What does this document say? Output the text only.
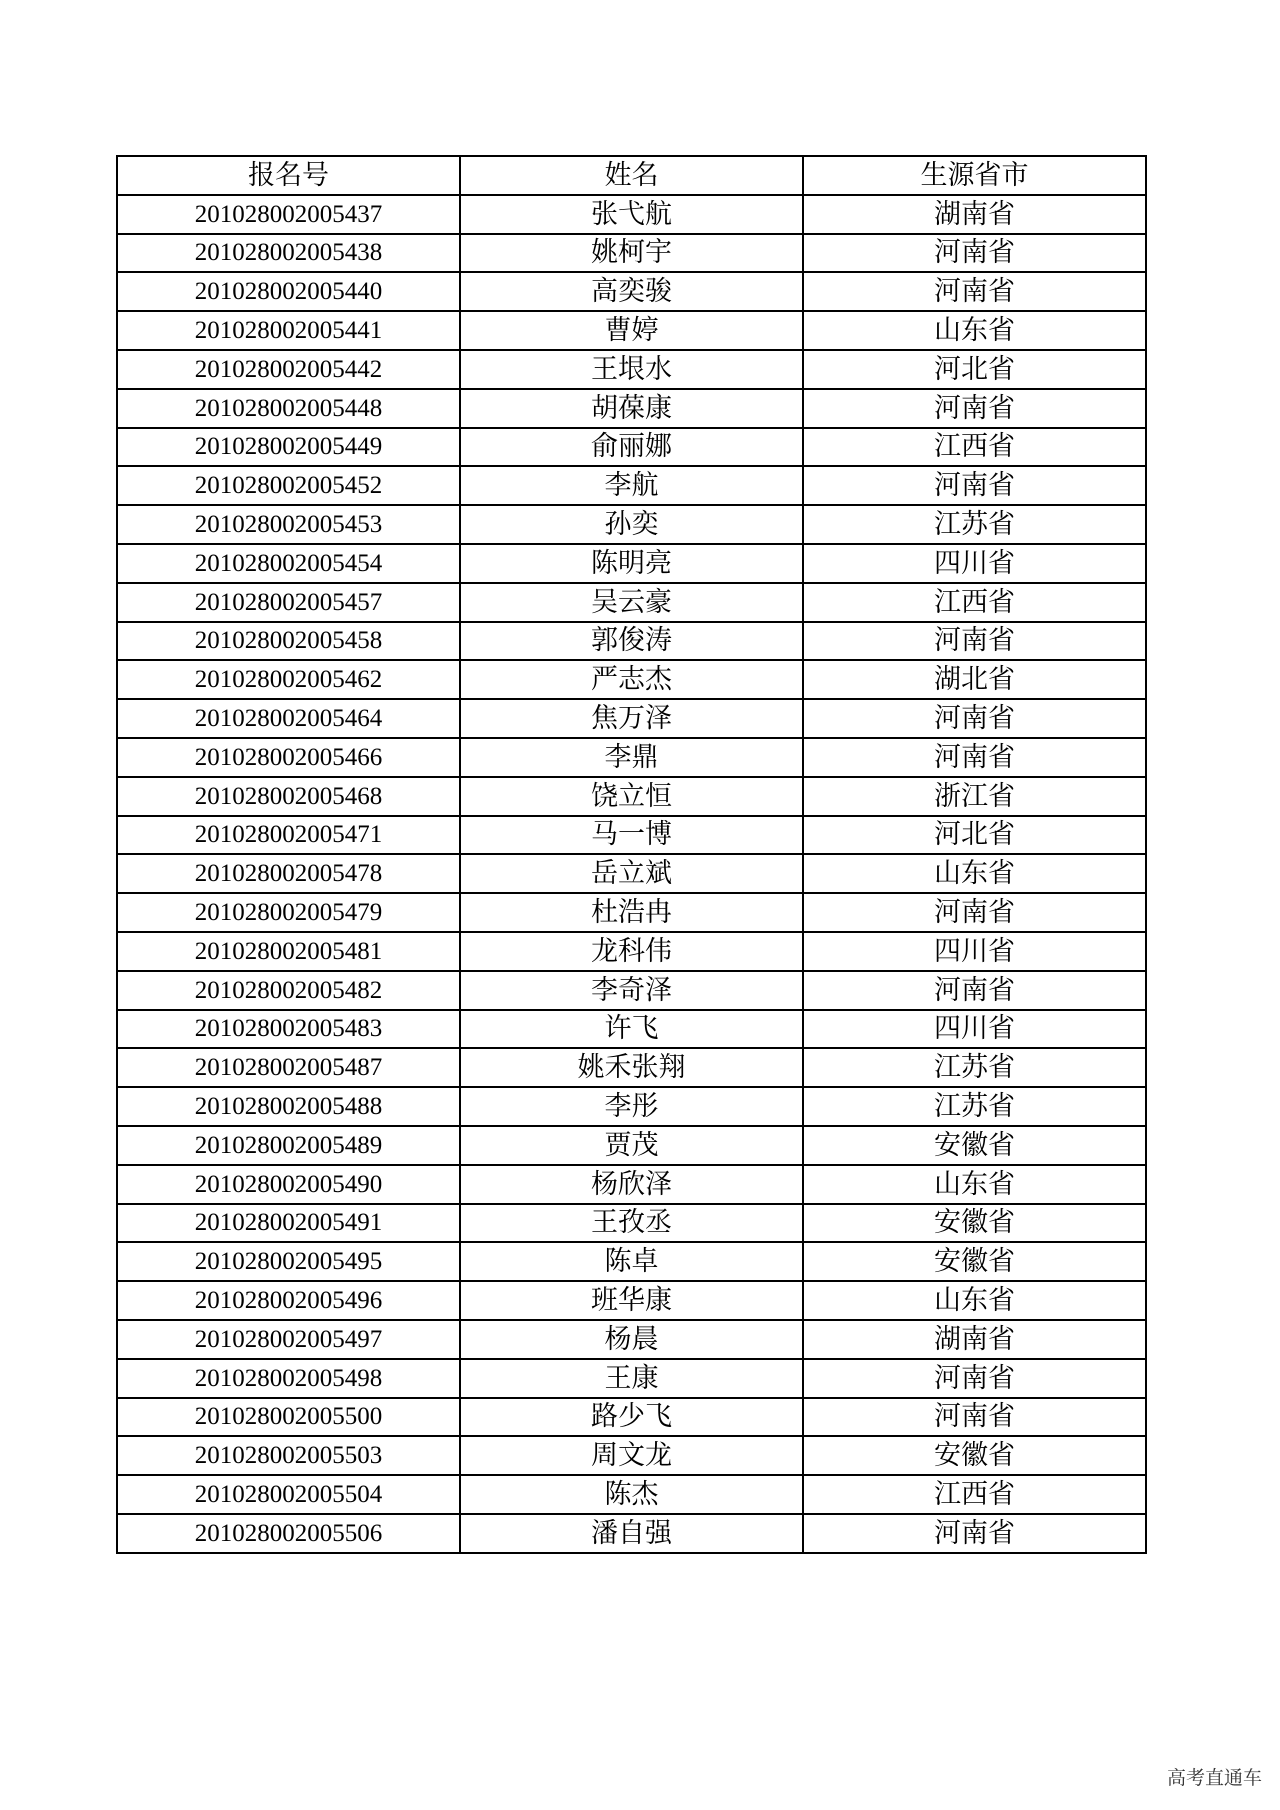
报名号	姓名	生源省市
201028002005437	张弋航	湖南省
201028002005438	姚柯宇	河南省
201028002005440	高奕骏	河南省
201028002005441	曹婷	山东省
201028002005442	王垠水	河北省
201028002005448	胡葆康	河南省
201028002005449	俞丽娜	江西省
201028002005452	李航	河南省
201028002005453	孙奕	江苏省
201028002005454	陈明亮	四川省
201028002005457	吴云豪	江西省
201028002005458	郭俊涛	河南省
201028002005462	严志杰	湖北省
201028002005464	焦万泽	河南省
201028002005466	李鼎	河南省
201028002005468	饶立恒	浙江省
201028002005471	马一博	河北省
201028002005478	岳立斌	山东省
201028002005479	杜浩冉	河南省
201028002005481	龙科伟	四川省
201028002005482	李奇泽	河南省
201028002005483	许飞	四川省
201028002005487	姚禾张翔	江苏省
201028002005488	李彤	江苏省
201028002005489	贾茂	安徽省
201028002005490	杨欣泽	山东省
201028002005491	王孜丞	安徽省
201028002005495	陈卓	安徽省
201028002005496	班华康	山东省
201028002005497	杨晨	湖南省
201028002005498	王康	河南省
201028002005500	路少飞	河南省
201028002005503	周文龙	安徽省
201028002005504	陈杰	江西省
201028002005506	潘自强	河南省
高考直通车
